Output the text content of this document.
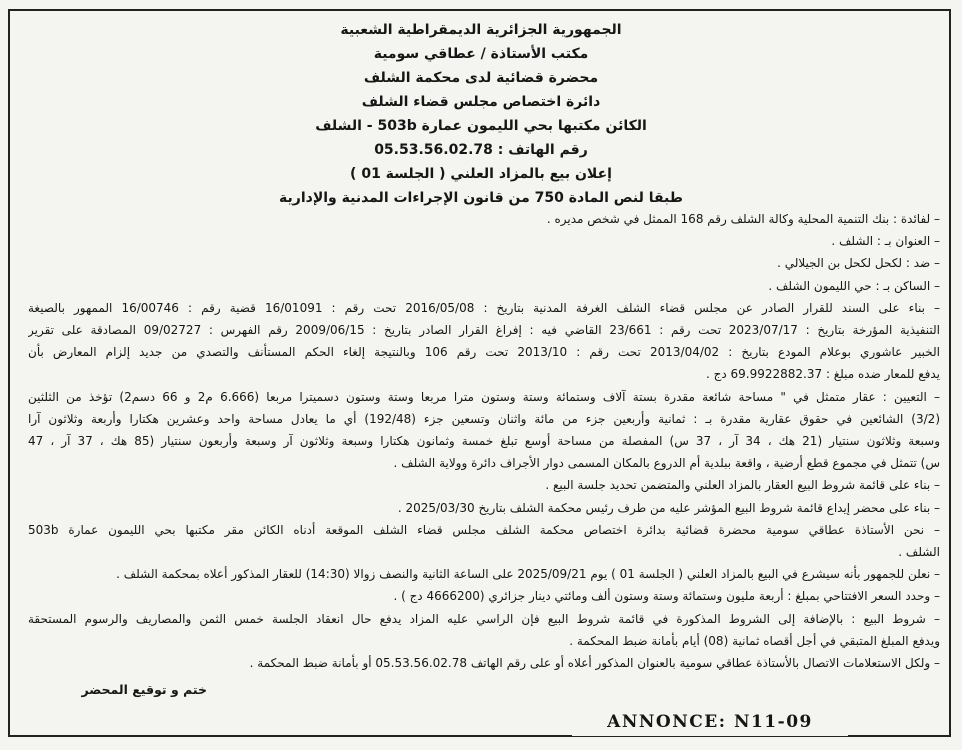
الجمهورية الجزائرية الديمقراطية الشعبية
مكتب الأستاذة / عطاقي سومية
محضرة قضائية لدى محكمة الشلف
دائرة اختصاص مجلس قضاء الشلف
الكائن مكتبها بحي الليمون عمارة 503b - الشلف
رقم الهاتف : 05.53.56.02.78
إعلان بيع بالمزاد العلني ( الجلسة 01 )
طبقا لنص المادة 750 من قانون الإجراءات المدنية والإدارية
– لفائدة : بنك التنمية المحلية وكالة الشلف رقم 168 الممثل في شخص مديره .
– العنوان بـ : الشلف .
– ضد : لكحل لكحل بن الجيلالي .
– الساكن بـ : حي الليمون الشلف .
– بناء على السند للقرار الصادر عن مجلس قضاء الشلف الغرفة المدنية بتاريخ : 2016/05/08 تحت رقم : 16/01091 قضية رقم : 16/00746 الممهور بالصيغة
التنفيذية المؤرخة بتاريخ : 2023/07/17 تحت رقم : 23/661 القاضي فيه : إفراغ القرار الصادر بتاريخ : 2009/06/15 رقم الفهرس : 09/02727 المصادقة على تقرير
الخبير عاشوري بوعلام المودع بتاريخ : 2013/04/02 تحت رقم : 2013/10 تحت رقم 106 وبالنتيجة إلغاء الحكم المستأنف والتصدي من جديد إلزام المعارض بأن
يدفع للمعار ضده مبلغ : 69.9922882.37 دج .
– التعيين : عقار متمثل في " مساحة شائعة مقدرة بستة آلاف وستمائة وستة وستون مترا مربعا وستة وستون دسميترا مربعا (6.666 م2 و 66 دسم2) تؤخذ من الثلثين
(3/2) الشائعين في حقوق عقارية مقدرة بـ : ثمانية وأربعين جزء من مائة واثنان وتسعين جزء (192/48) أي ما يعادل مساحة واحد وعشرين هكتارا وأربعة وثلاثون آرا
وسبعة وثلاثون سنتيار (21 هك ، 34 آر ، 37 س) المفصلة من مساحة أوسع تبلغ خمسة وثمانون هكتارا وسبعة وثلاثون آر وسبعة وأربعون سنتيار (85 هك ، 37 آر ، 47
س) تتمثل في مجموع قطع أرضية ، واقعة ببلدية أم الدروع بالمكان المسمى دوار الأجراف دائرة وولاية الشلف .
– بناء على قائمة شروط البيع العقار بالمزاد العلني والمتضمن تحديد جلسة البيع .
– بناء على محضر إيداع قائمة شروط البيع المؤشر عليه من طرف رئيس محكمة الشلف بتاريخ 2025/03/30 .
– نحن الأستاذة عطاقي سومية محضرة قضائية بدائرة اختصاص محكمة الشلف مجلس قضاء الشلف الموقعة أدناه الكائن مقر مكتبها بحي الليمون عمارة 503b
الشلف .
– نعلن للجمهور بأنه سيشرع في البيع بالمزاد العلني ( الجلسة 01 ) يوم 2025/09/21 على الساعة الثانية والنصف زوالا (14:30) للعقار المذكور أعلاه بمحكمة الشلف .
– وحدد السعر الافتتاحي بمبلغ : أربعة مليون وستمائة وستة وستون ألف ومائتي دينار جزائري (4666200 دج ) .
– شروط البيع : بالإضافة إلى الشروط المذكورة في قائمة شروط البيع فإن الراسي عليه المزاد يدفع حال انعقاد الجلسة خمس الثمن والمصاريف والرسوم المستحقة
ويدفع المبلغ المتبقي في أجل أقصاه ثمانية (08) أيام بأمانة ضبط المحكمة .
– ولكل الاستعلامات الاتصال بالأستاذة عطاقي سومية بالعنوان المذكور أعلاه أو على رقم الهاتف 05.53.56.02.78 أو بأمانة ضبط المحكمة .
ختم و توقيع المحضر
ANNONCE: N11-09
